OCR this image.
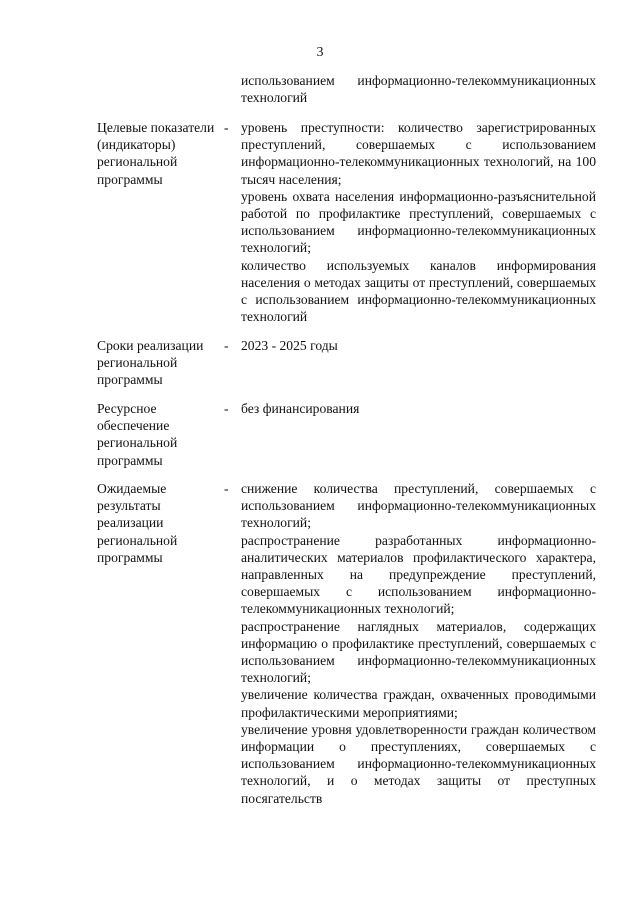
3

использованием информационно-телекоммуникационных технологий

Целевые показатели (индикаторы) региональной программы
- уровень преступности: количество зарегистрированных преступлений, совершаемых с использованием информационно-телекоммуникационных технологий, на 100 тысяч населения;

уровень охвата населения информационно-разъяснительной работой по профилактике преступлений, совершаемых с использованием информационно-телекоммуникационных технологий;

количество используемых каналов информирования населения о методах защиты от преступлений, совершаемых с использованием информационно-телекоммуникационных технологий

Сроки реализации региональной программы
- 2023 - 2025 годы

Ресурсное обеспечение региональной программы
- без финансирования

Ожидаемые результаты реализации региональной программы
- снижение количества преступлений, совершаемых с использованием информационно-телекоммуникационных технологий;

распространение разработанных информационно-аналитических материалов профилактического характера, направленных на предупреждение преступлений, совершаемых с использованием информационно-телекоммуникационных технологий;

распространение наглядных материалов, содержащих информацию о профилактике преступлений, совершаемых с использованием информационно-телекоммуникационных технологий;

увеличение количества граждан, охваченных проводимыми профилактическими мероприятиями;

увеличение уровня удовлетворенности граждан количеством информации о преступлениях, совершаемых с использованием информационно-телекоммуникационных технологий, и о методах защиты от преступных посягательств
